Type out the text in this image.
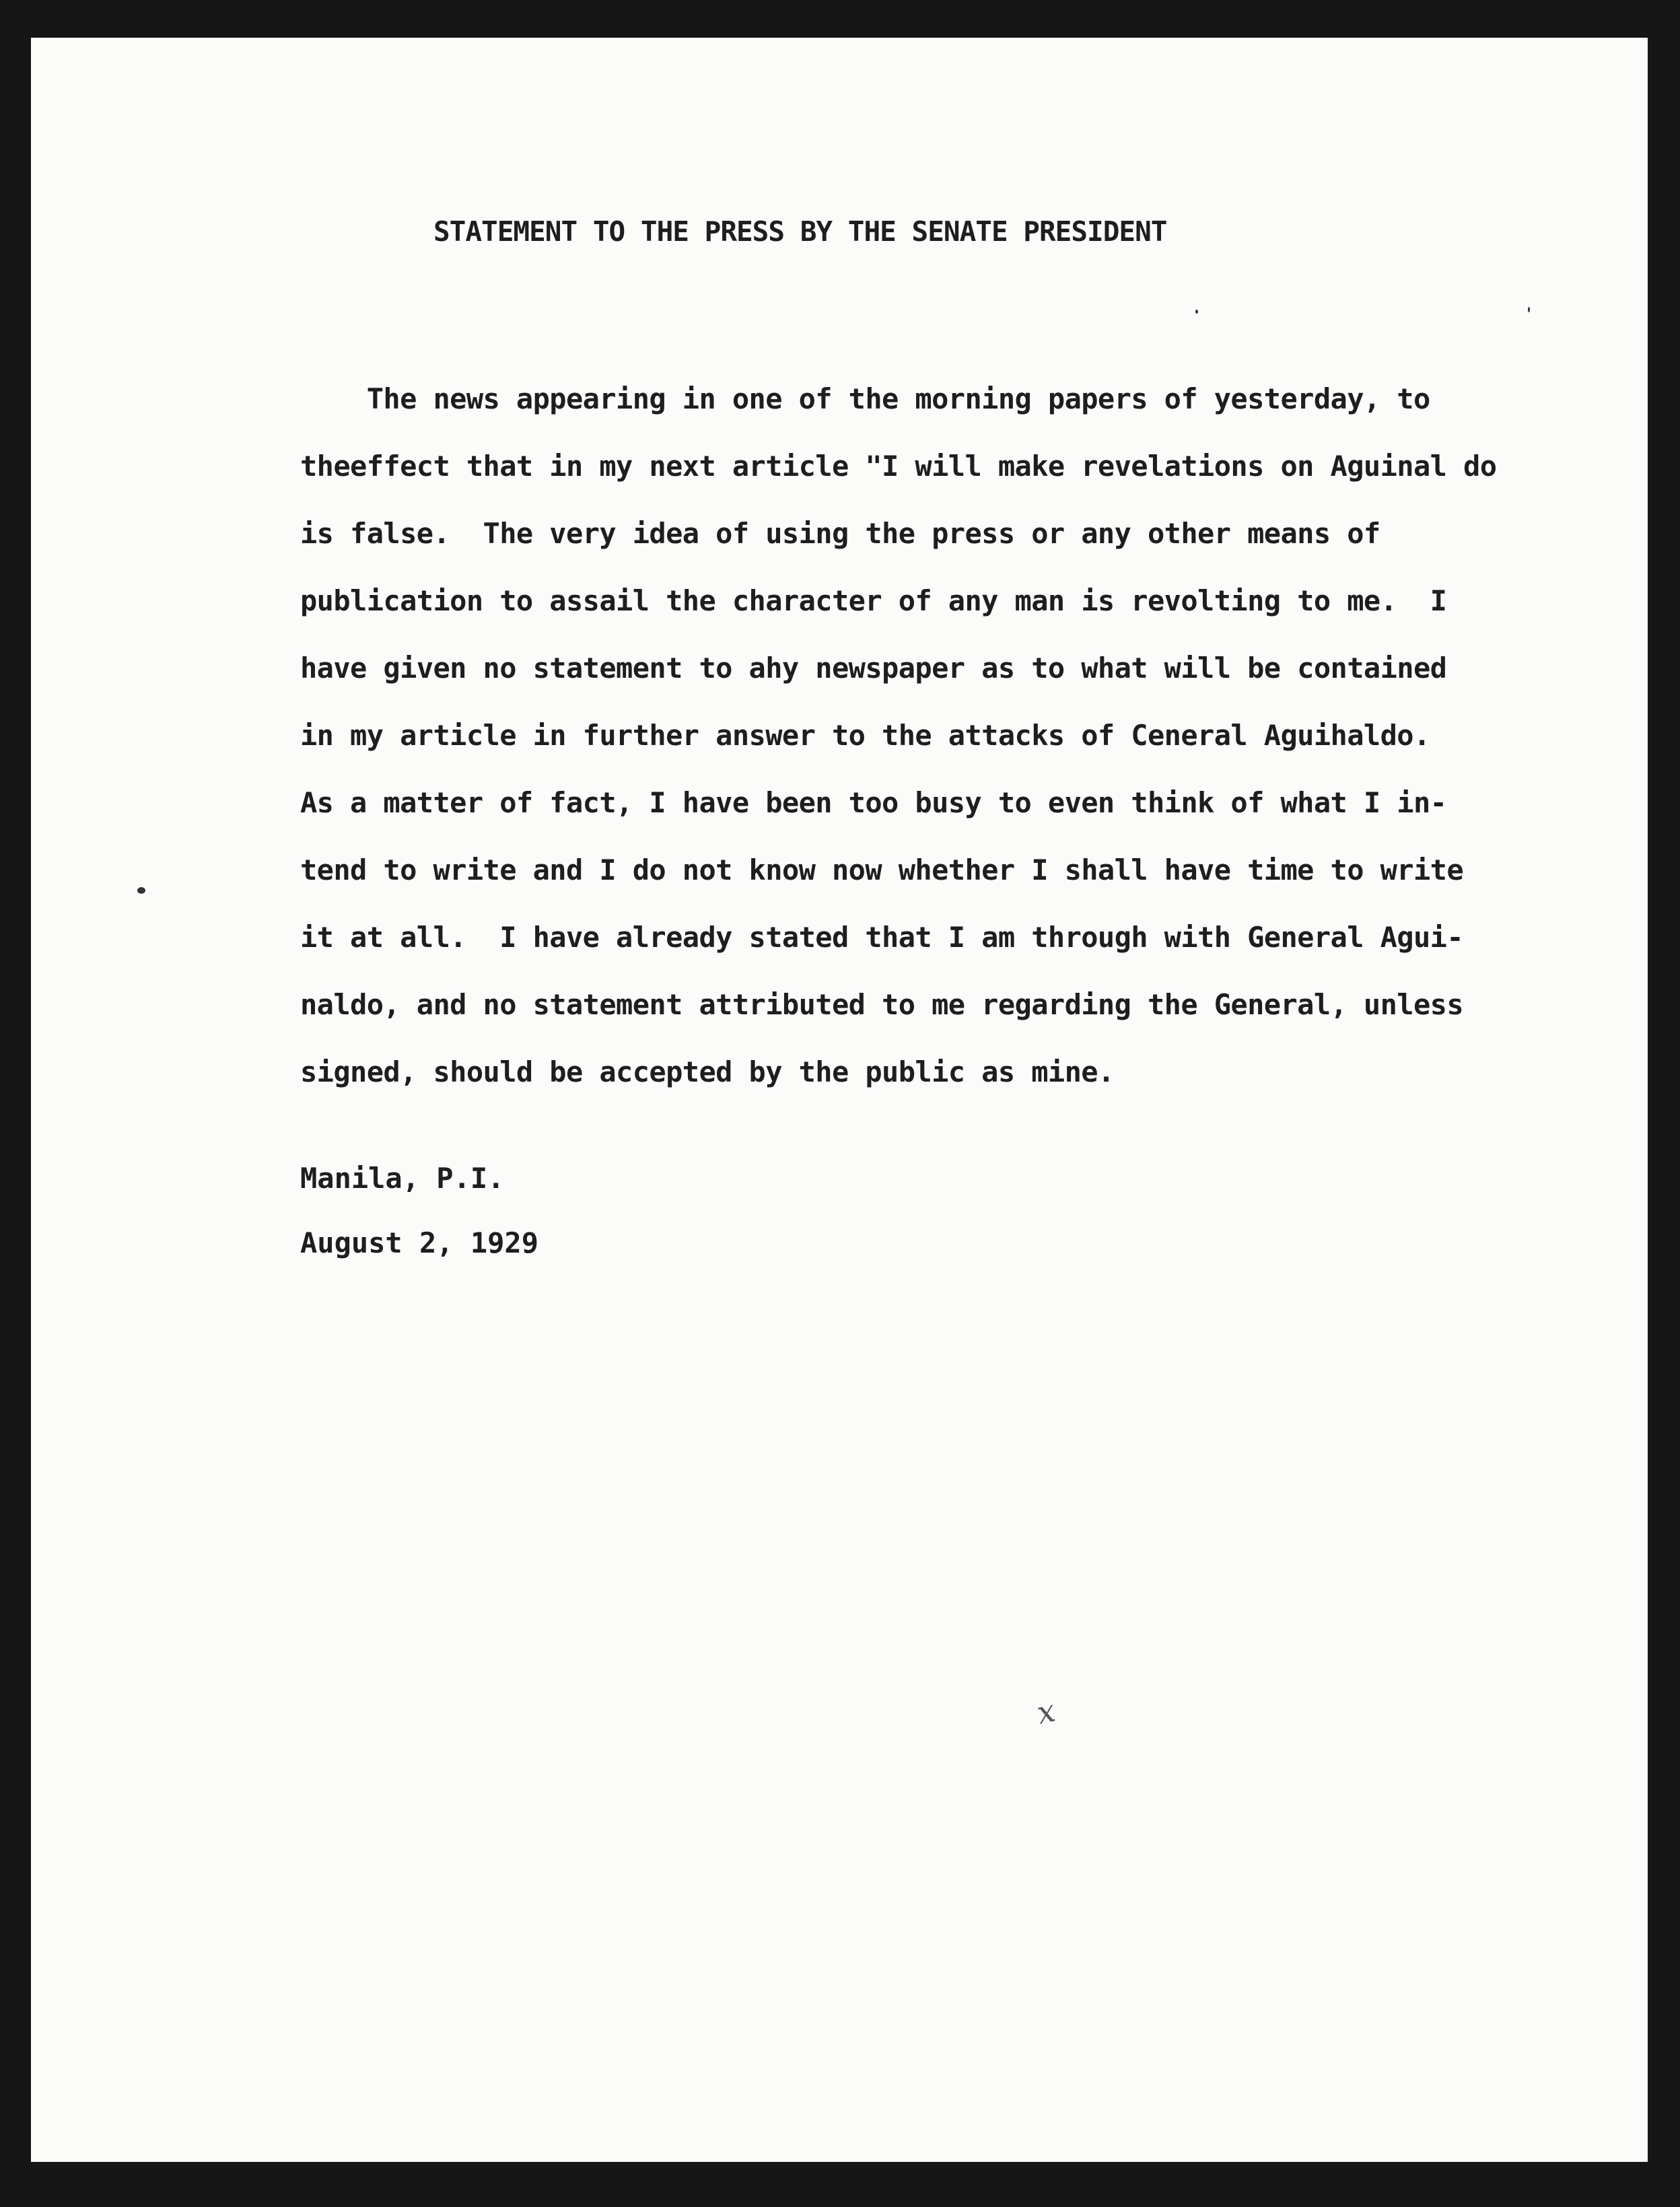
STATEMENT TO THE PRESS BY THE SENATE PRESIDENT
The news appearing in one of the morning papers of yesterday, to
theeffect that in my next article "I will make revelations on Aguinal do
is false.  The very idea of using the press or any other means of
publication to assail the character of any man is revolting to me.  I
have given no statement to ahy newspaper as to what will be contained
in my article in further answer to the attacks of Ceneral Aguihaldo.
As a matter of fact, I have been too busy to even think of what I in-
tend to write and I do not know now whether I shall have time to write
it at all.  I have already stated that I am through with General Agui-
naldo, and no statement attributed to me regarding the General, unless
signed, should be accepted by the public as mine.
Manila, P.I.
August 2, 1929
x
